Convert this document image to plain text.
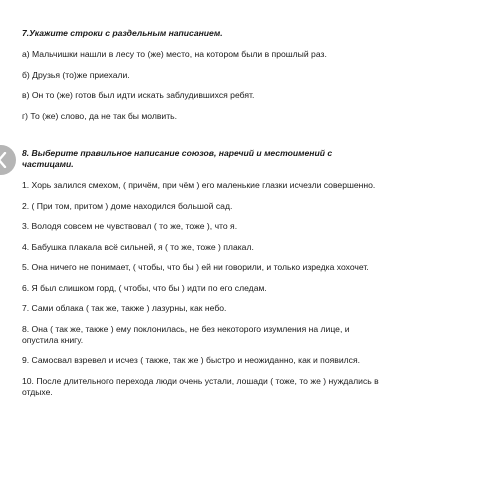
7.Укажите строки с раздельным написанием.
а) Мальчишки нашли в лесу то (же) место, на котором были в прошлый раз.
б) Друзья (то)же приехали.
в) Он то (же) готов был идти искать заблудившихся ребят.
г) То (же) слово, да не так бы молвить.
8. Выберите правильное написание союзов, наречий и местоимений с
частицами.
1. Хорь залился смехом, ( причём, при чём ) его маленькие глазки исчезли совершенно.
2. ( При том, притом ) доме находился большой сад.
3. Володя совсем не чувствовал ( то же, тоже ), что я.
4. Бабушка плакала всё сильней, я ( то же, тоже ) плакал.
5. Она ничего не понимает, ( чтобы, что бы ) ей ни говорили, и только изредка хохочет.
6. Я был слишком горд, ( чтобы, что бы ) идти по его следам.
7. Сами облака ( так же, также ) лазурны, как небо.
8. Она ( так же, также ) ему поклонилась, не без некоторого изумления на лице, и
опустила книгу.
9. Самосвал взревел и исчез ( также, так же ) быстро и неожиданно, как и появился.
10. После длительного перехода люди очень устали, лошади ( тоже, то же ) нуждались в
отдыхе.
